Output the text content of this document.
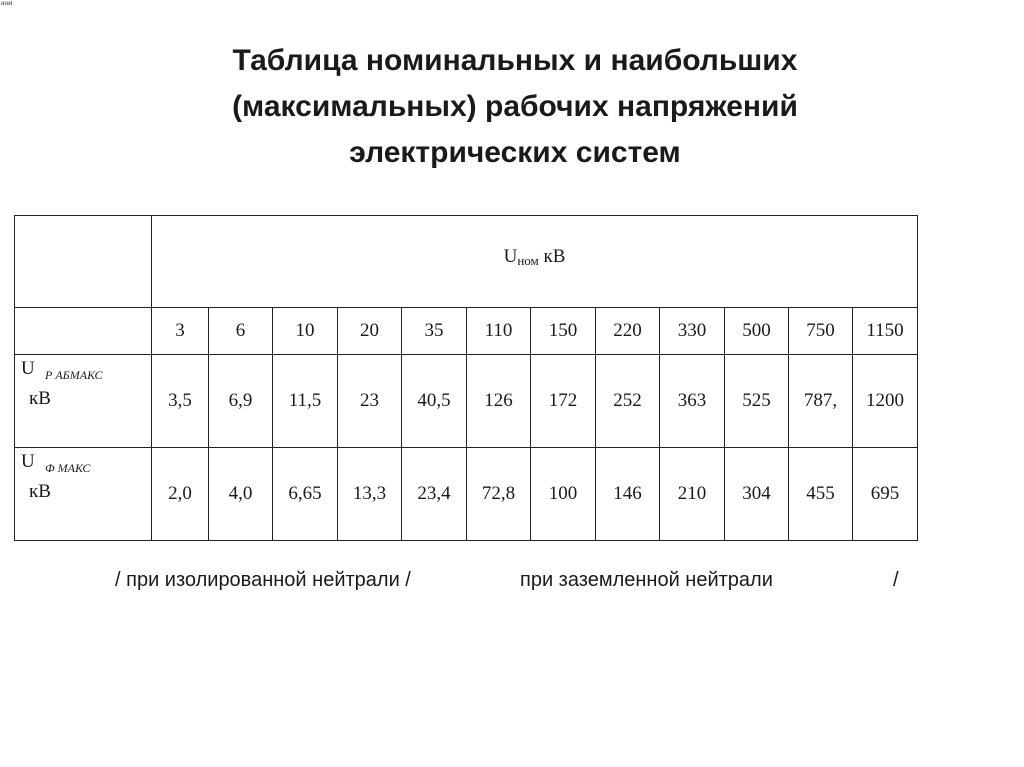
ном
Таблица номинальных и наибольших
(максимальных) рабочих напряжений
электрических систем

	$U_{ном}$ кВ											

	3	6	10	20	35	110	150	220	330	500	750	1150

U Р АБМАКС
кВ	3,5	6,9	11,5	23	40,5	126	172	252	363	525	787,	1200

U Ф МАКС
кВ	2,0	4,0	6,65	13,3	23,4	72,8	100	146	210	304	455	695
/ при изолированной нейтрали /	при заземленной нейтрали	/
